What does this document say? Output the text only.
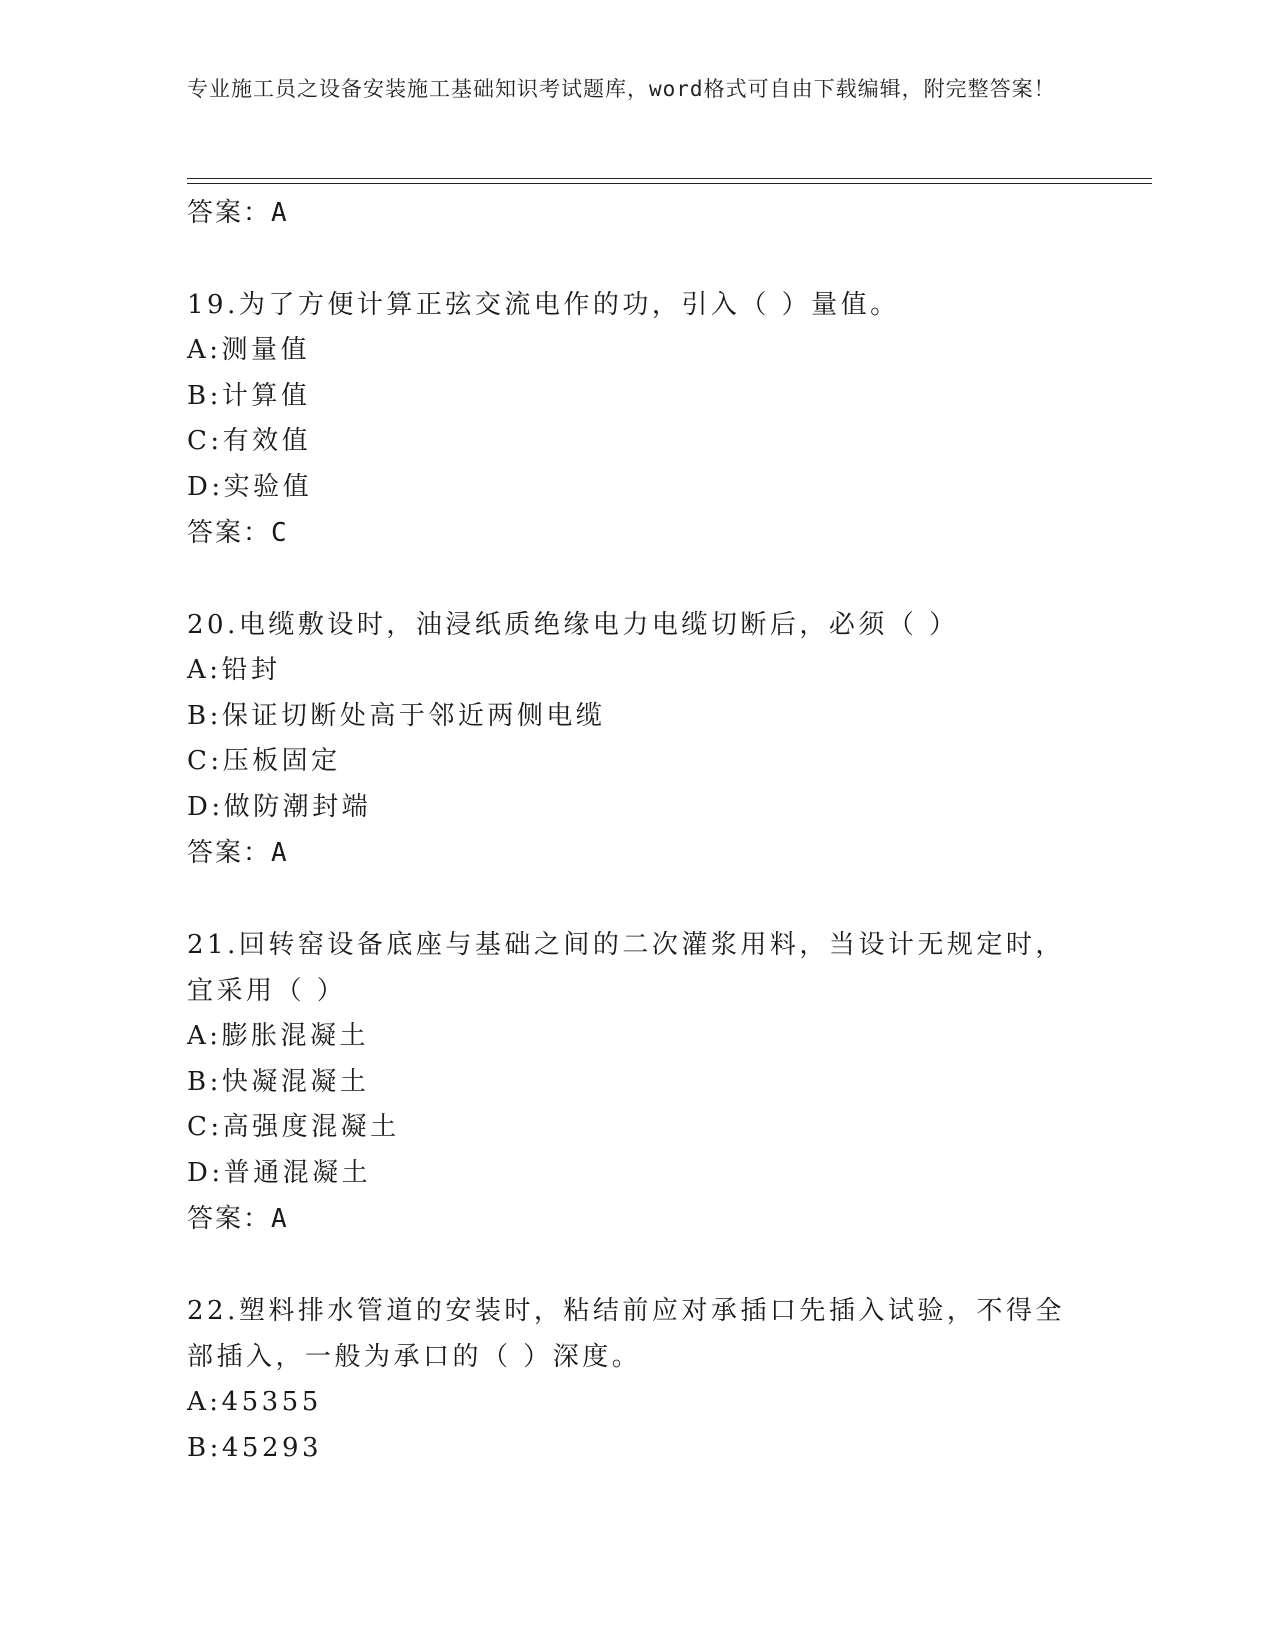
专业施工员之设备安装施工基础知识考试题库，word格式可自由下载编辑，附完整答案！
答案：A
19.为了方便计算正弦交流电作的功，引入（ ）量值。
A:测量值
B:计算值
C:有效值
D:实验值
答案：C
20.电缆敷设时，油浸纸质绝缘电力电缆切断后，必须（ ）
A:铅封
B:保证切断处高于邻近两侧电缆
C:压板固定
D:做防潮封端
答案：A
21.回转窑设备底座与基础之间的二次灌浆用料，当设计无规定时，宜采用（ ）
A:膨胀混凝土
B:快凝混凝土
C:高强度混凝土
D:普通混凝土
答案：A
22.塑料排水管道的安装时，粘结前应对承插口先插入试验，不得全部插入，一般为承口的（ ）深度。
A:45355
B:45293
